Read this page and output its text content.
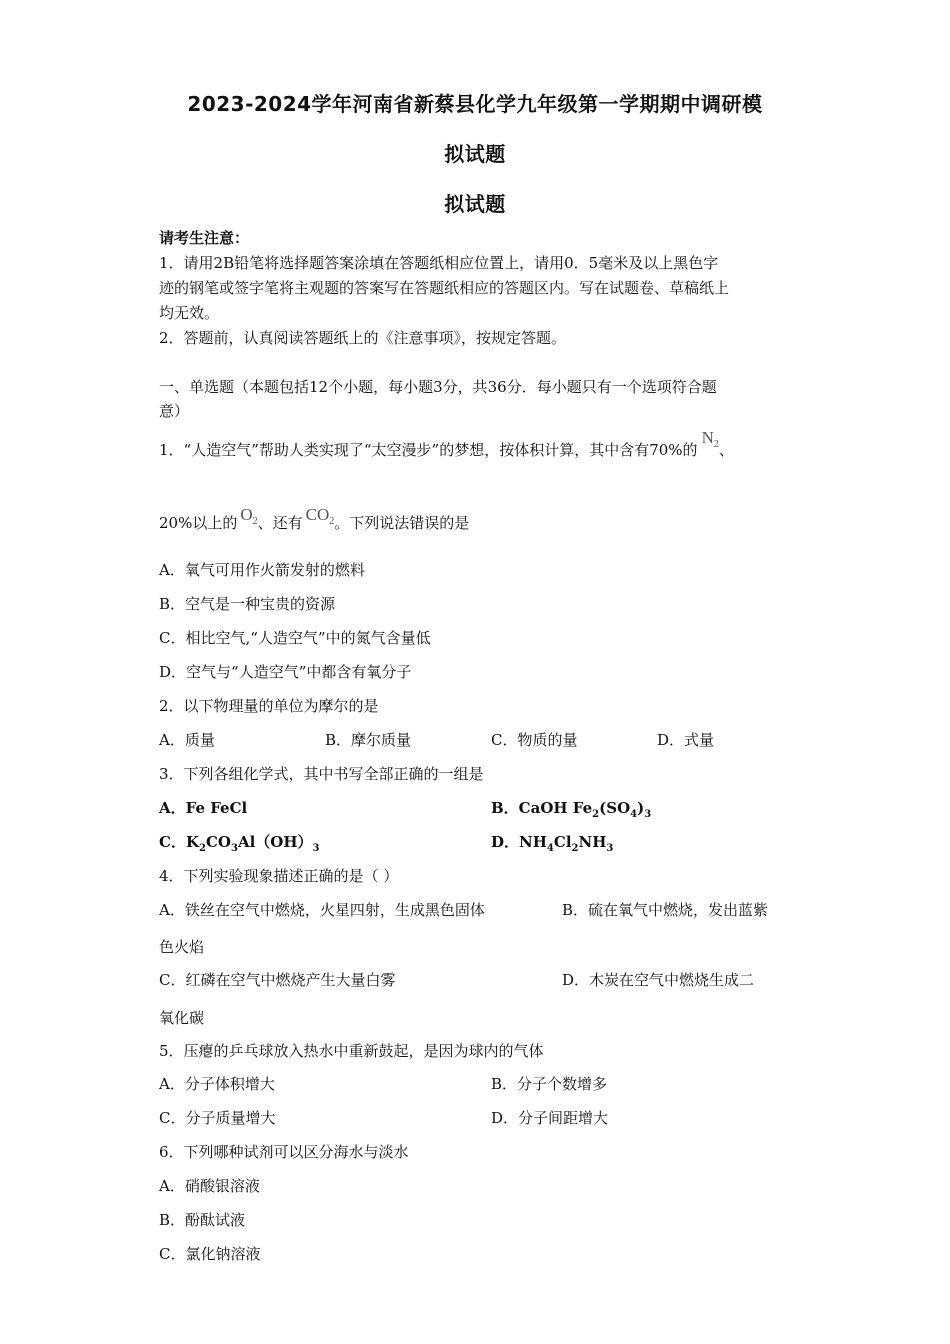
2023-2024学年河南省新蔡县化学九年级第一学期期中调研模
拟试题
拟试题
请考生注意：
1．请用2B铅笔将选择题答案涂填在答题纸相应位置上，请用0．5毫米及以上黑色字
迹的钢笔或签字笔将主观题的答案写在答题纸相应的答题区内。写在试题卷、草稿纸上
均无效。
2．答题前，认真阅读答题纸上的《注意事项》，按规定答题。
一、单选题（本题包括12个小题，每小题3分，共36分．每小题只有一个选项符合题
意）
1．“人造空气”帮助人类实现了“太空漫步”的梦想，按体积计算，其中含有70%的$N_2$、
20%以上的 $O_2$、还有 $CO_2$。下列说法错误的是
A．氧气可用作火箭发射的燃料
B．空气是一种宝贵的资源
C．相比空气,“人造空气”中的氮气含量低
D．空气与“人造空气”中都含有氧分子
2．以下物理量的单位为摩尔的是
A．质量	B．摩尔质量	C．物质的量	D．式量
3．下列各组化学式，其中书写全部正确的一组是
A．Fe FeCl	B．CaOH $Fe_2(SO_4)_3$
C．$K_2CO_3Al(OH)_3$	D．$NH_4Cl_2NH_3$
4．下列实验现象描述正确的是（ ）
A．铁丝在空气中燃烧，火星四射，生成黑色固体	B．硫在氧气中燃烧，发出蓝紫
色火焰
C．红磷在空气中燃烧产生大量白雾	D．木炭在空气中燃烧生成二
氧化碳
5．压瘪的乒乓球放入热水中重新鼓起，是因为球内的气体
A．分子体积增大	B．分子个数增多
C．分子质量增大	D．分子间距增大
6．下列哪种试剂可以区分海水与淡水
A．硝酸银溶液
B．酚酞试液
C．氯化钠溶液
